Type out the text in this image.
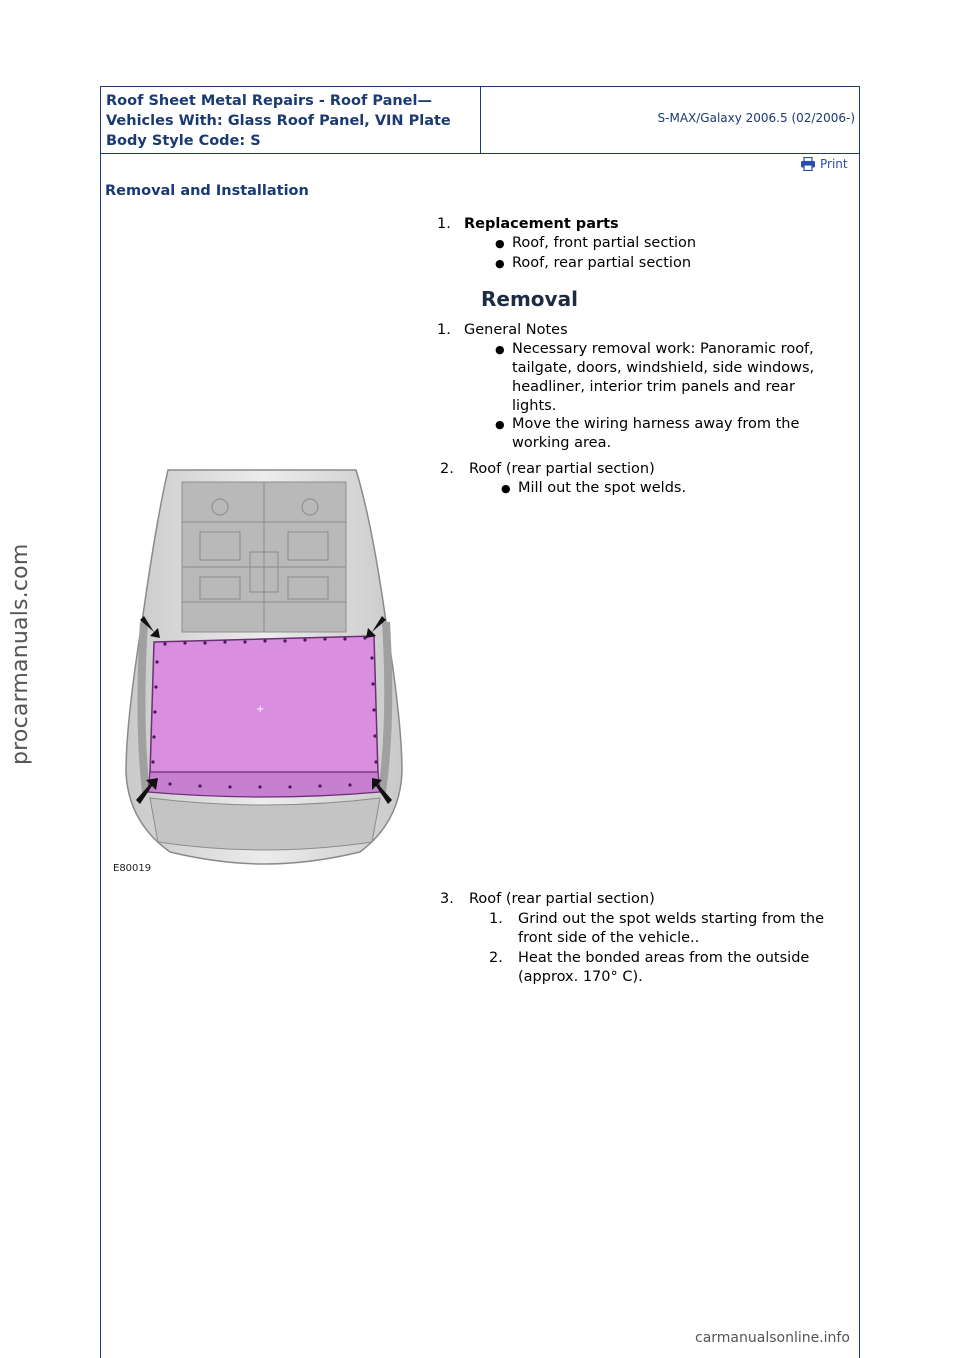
Roof Sheet Metal Repairs - Roof Panel—
Vehicles With: Glass Roof Panel, VIN Plate
Body Style Code: S
S-MAX/Galaxy 2006.5 (02/2006-)
Print
Removal and Installation
1. Replacement parts
● Roof, front partial section
● Roof, rear partial section
Removal
1. General Notes
● Necessary removal work: Panoramic roof,
tailgate, doors, windshield, side windows,
headliner, interior trim panels and rear
lights.
● Move the wiring harness away from the
working area.
2. Roof (rear partial section)
● Mill out the spot welds.
+
E80019
3. Roof (rear partial section)
1. Grind out the spot welds starting from the
front side of the vehicle..
2. Heat the bonded areas from the outside
(approx. 170° C).
procarmanuals.com
carmanualsonline.info
